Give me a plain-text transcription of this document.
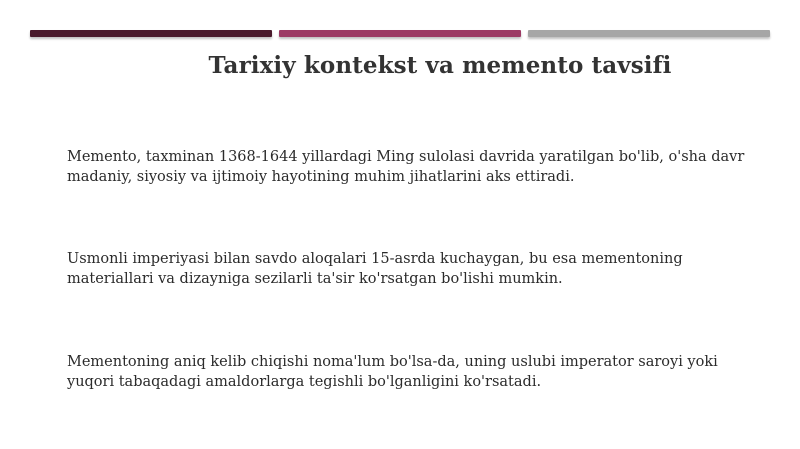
Tarixiy kontekst va memento tavsifi
Memento, taxminan 1368-1644 yillardagi Ming sulolasi davrida yaratilgan bo'lib, o'sha davr madaniy, siyosiy va ijtimoiy hayotining muhim jihatlarini aks ettiradi.
Usmonli imperiyasi bilan savdo aloqalari 15-asrda kuchaygan, bu esa mementoning materiallari va dizayniga sezilarli ta'sir ko'rsatgan bo'lishi mumkin.
Mementoning aniq kelib chiqishi noma'lum bo'lsa-da, uning uslubi imperator saroyi yoki yuqori tabaqadagi amaldorlarga tegishli bo'lganligini ko'rsatadi.
